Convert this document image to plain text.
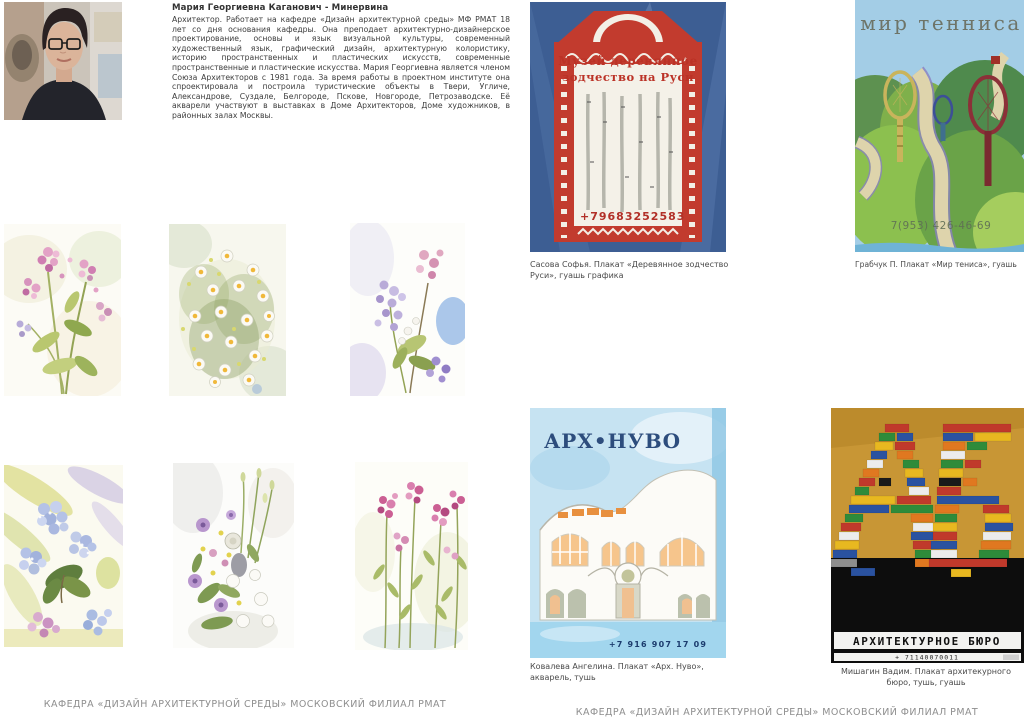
Мария Георгиевна Каганович - Минервина
Архитектор. Работает на кафедре «Дизайн архитектурной среды» МФ РМАТ 18 лет со дня основания кафедры. Она преподает архитектурно-дизайнерское проектирование, основы и язык визуальной культуры, современный художественный язык, графический дизайн, архитектурную колористику, историю пространственных и пластических искусств, современные пространственные и пластические искусства. Мария Георгиевна является членом Союза Архитекторов с 1981 года. За время работы в проектном институте она спроектировала и построила туристические объекты в Твери, Угличе, Александрове, Суздале, Белгороде, Пскове, Новгороде, Петрозаводске. Её акварели участвуют в выставках в Доме Архитекторов, Доме художников, в районных залах Москвы.
КАФЕДРА «ДИЗАЙН АРХИТЕКТУРНОЙ СРЕДЫ» МОСКОВСКИЙ ФИЛИАЛ РМАТ
Музей деревянное
зодчество на Руси
+79683252583
Сасова Софья. Плакат «Деревянное зодчество Руси», гуашь графика
мир тенниса
7(953) 426-46-69
Грабчук П. Плакат «Мир тениса», гуашь
АРХ•НУВО
+7 916 907 17 09
Ковалева Ангелина. Плакат «Арх. Нуво», акварель, тушь
АРХИТЕКТУРНОЕ БЮРО
+ 71140070011
Мишагин Вадим. Плакат архитекурного бюро, тушь, гуашь
КАФЕДРА «ДИЗАЙН АРХИТЕКТУРНОЙ СРЕДЫ» МОСКОВСКИЙ ФИЛИАЛ РМАТ
